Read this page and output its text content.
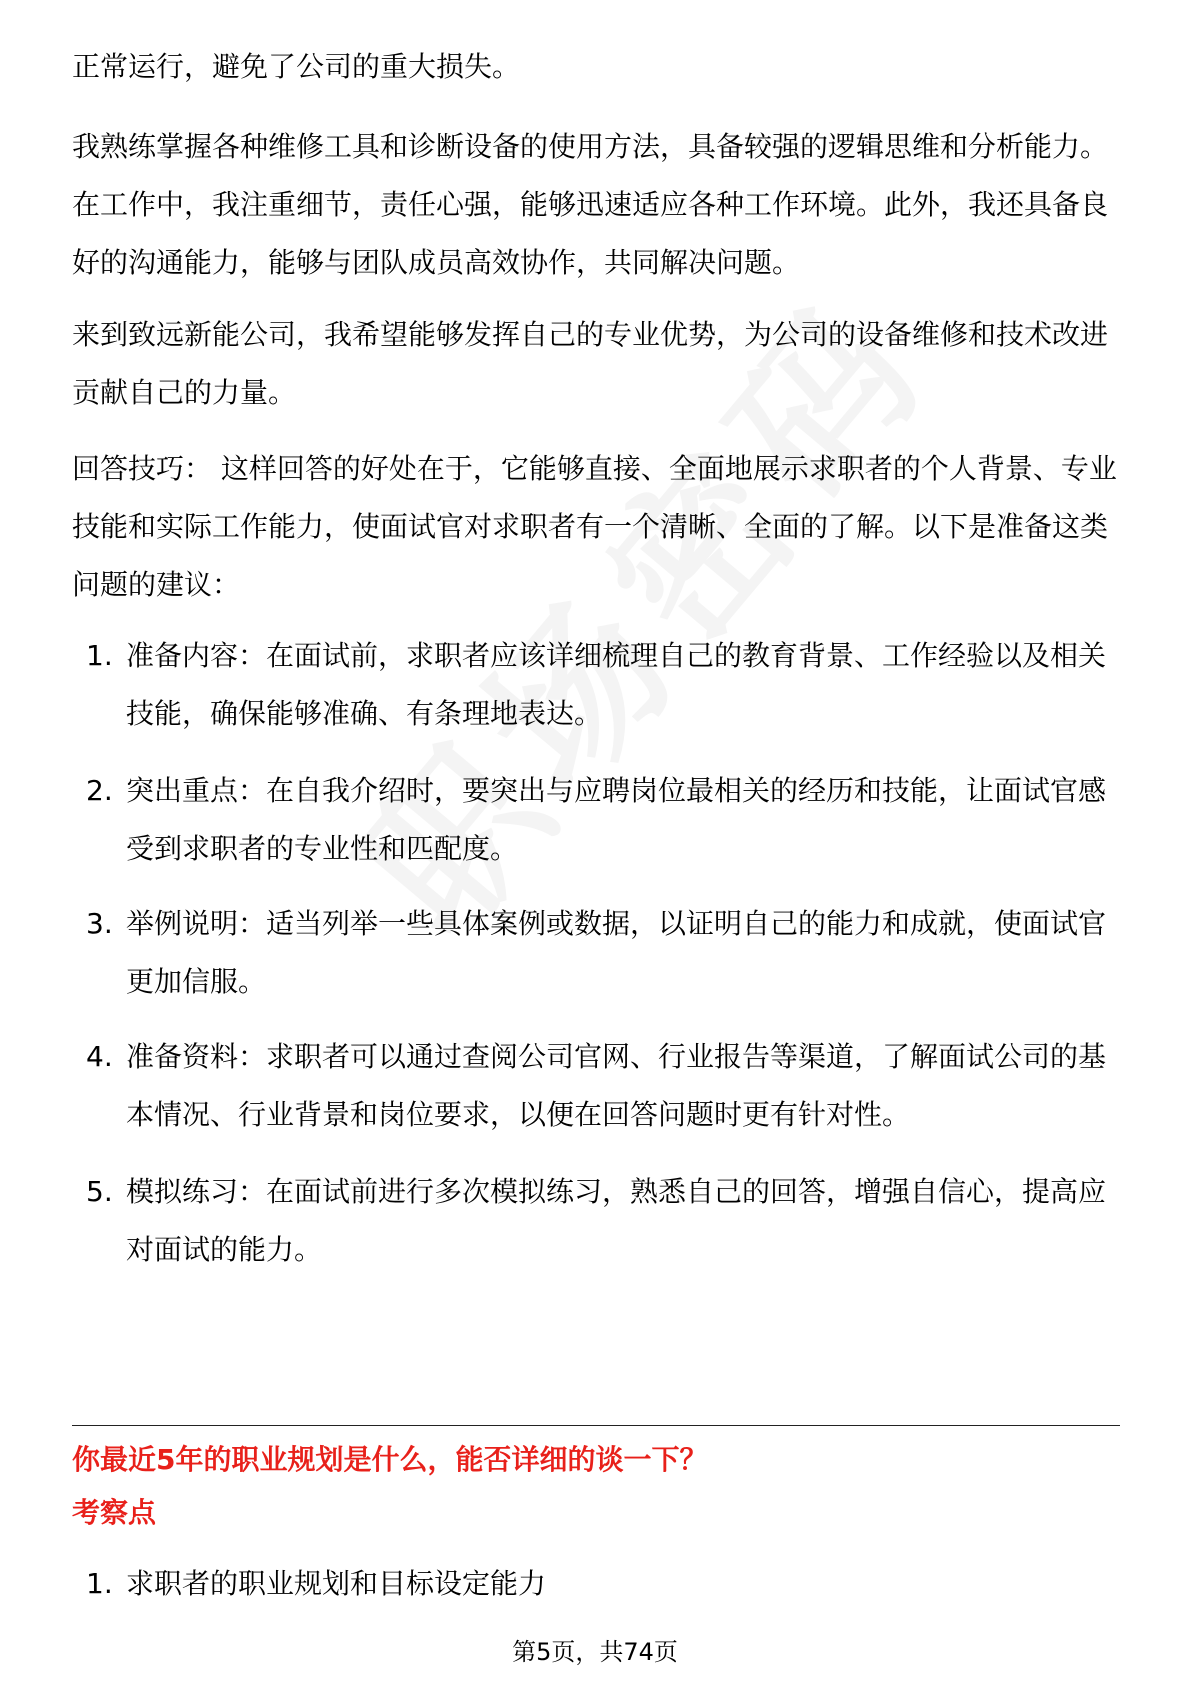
正常运行，避免了公司的重大损失。

我熟练掌握各种维修工具和诊断设备的使用方法，具备较强的逻辑思维和分析能力。在工作中，我注重细节，责任心强，能够迅速适应各种工作环境。此外，我还具备良好的沟通能力，能够与团队成员高效协作，共同解决问题。

来到致远新能公司，我希望能够发挥自己的专业优势，为公司的设备维修和技术改进贡献自己的力量。

回答技巧： 这样回答的好处在于，它能够直接、全面地展示求职者的个人背景、专业技能和实际工作能力，使面试官对求职者有一个清晰、全面的了解。以下是准备这类问题的建议：

1. 准备内容：在面试前，求职者应该详细梳理自己的教育背景、工作经验以及相关技能，确保能够准确、有条理地表达。
2. 突出重点：在自我介绍时，要突出与应聘岗位最相关的经历和技能，让面试官感受到求职者的专业性和匹配度。
3. 举例说明：适当列举一些具体案例或数据，以证明自己的能力和成就，使面试官更加信服。
4. 准备资料：求职者可以通过查阅公司官网、行业报告等渠道，了解面试公司的基本情况、行业背景和岗位要求，以便在回答问题时更有针对性。
5. 模拟练习：在面试前进行多次模拟练习，熟悉自己的回答，增强自信心，提高应对面试的能力。
你最近5年的职业规划是什么，能否详细的谈一下？
考察点
1. 求职者的职业规划和目标设定能力
第5页，共74页
